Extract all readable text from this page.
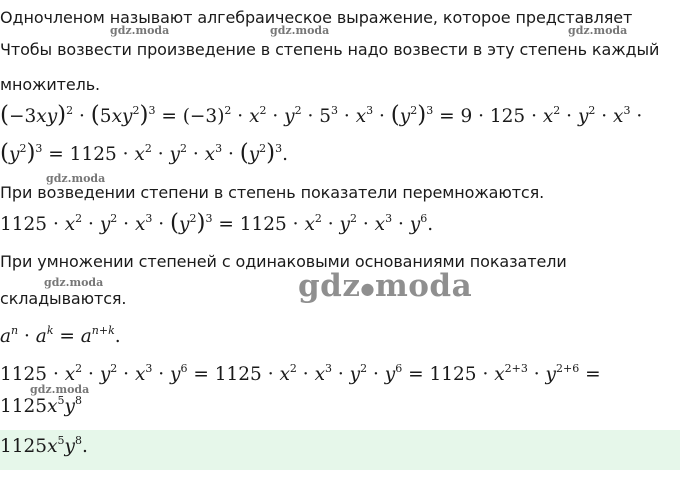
Одночленом называют алгебраическое выражение, которое представляет
Чтобы возвести произведение в степень надо возвести в эту степень каждый
множитель.
$(-3xy)^2 \cdot (5xy^2)^3 = (-3)^2 \cdot x^2 \cdot y^2 \cdot 5^3 \cdot x^3 \cdot (y^2)^3 = 9 \cdot 125 \cdot x^2 \cdot y^2 \cdot x^3$ ·
$(y^2)^3 = 1125 \cdot x^2 \cdot y^2 \cdot x^3 \cdot (y^2)^3$.
При возведении степени в степень показатели перемножаются.
$1125 \cdot x^2 \cdot y^2 \cdot x^3 \cdot (y^2)^3 = 1125 \cdot x^2 \cdot y^2 \cdot x^3 \cdot y^6$.
При умножении степеней с одинаковыми основаниями показатели
складываются.
$a^n \cdot a^k = a^{n+k}$.
$1125 \cdot x^2 \cdot y^2 \cdot x^3 \cdot y^6 = 1125 \cdot x^2 \cdot x^3 \cdot y^2 \cdot y^6 = 1125 \cdot x^{2+3} \cdot y^{2+6}$ =
$1125x^5y^8$
$1125x^5y^8$.
gdz.moda	gdz.moda	gdz.moda
gdz.moda
gdz.moda
gdz.moda
gdz●moda
